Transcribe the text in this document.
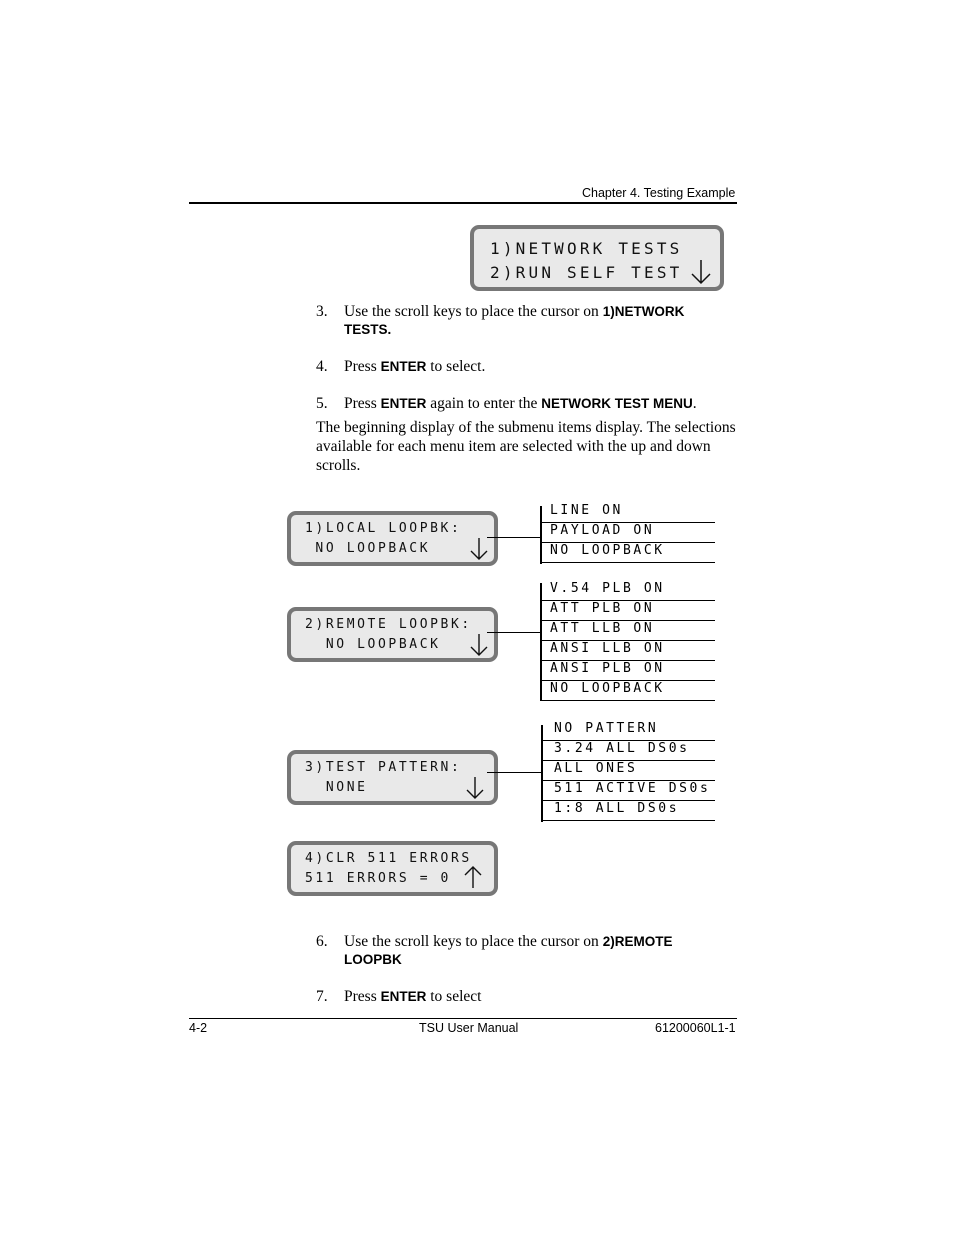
Chapter 4. Testing Example
1)NETWORK TESTS
2)RUN SELF TEST
3. Use the scroll keys to place the cursor on 1)NETWORK TESTS.
4. Press ENTER to select.
5. Press ENTER again to enter the NETWORK TEST MENU.
The beginning display of the submenu items display. The selections available for each menu item are selected with the up and down scrolls.
1)LOCAL LOOPBK:
NO LOOPBACK
LINE ON
PAYLOAD ON
NO LOOPBACK
2)REMOTE LOOPBK:
NO LOOPBACK
V.54 PLB ON
ATT PLB ON
ATT LLB ON
ANSI LLB ON
ANSI PLB ON
NO LOOPBACK
3)TEST PATTERN:
NONE
NO PATTERN
3.24 ALL DS0s
ALL ONES
511 ACTIVE DS0s
1:8 ALL DS0s
4)CLR 511 ERRORS
511 ERRORS = 0
6. Use the scroll keys to place the cursor on 2)REMOTE LOOPBK
7. Press ENTER to select
4-2	TSU User Manual	61200060L1-1
